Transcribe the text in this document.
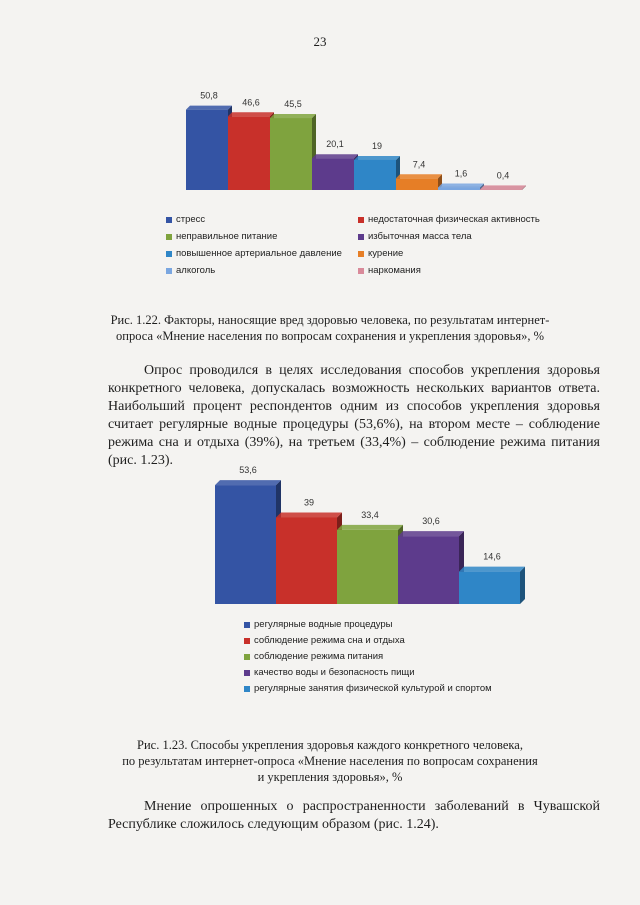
23
50,8
46,6	45,5
20,1	19
7,4
1,6	0,4
стресс	недостаточная физическая активность
неправильное питание	избыточная масса тела
повышенное артериальное давление	курение
алкоголь	наркомания
Рис. 1.22. Факторы, наносящие вред здоровью человека, по результатам интернет-
опроса «Мнение населения по вопросам сохранения и укрепления здоровья», %
Опрос проводился в целях исследования способов укрепления здоровья конкретного человека, допускалась возможность нескольких вариантов ответа. Наибольший процент респондентов одним из способов укрепления здоровья считает регулярные водные процедуры (53,6%), на втором месте – соблюдение режима сна и отдыха (39%), на третьем (33,4%) – соблюдение режима питания (рис. 1.23).
53,6
39
33,4
30,6
14,6
регулярные водные процедуры
соблюдение режима сна и отдыха
соблюдение режима питания
качество воды и безопасность пищи
регулярные занятия физической культурой и спортом
Рис. 1.23. Способы укрепления здоровья каждого конкретного человека,
по результатам интернет-опроса «Мнение населения по вопросам сохранения
и укрепления здоровья», %
Мнение опрошенных о распространенности заболеваний в Чувашской Республике сложилось следующим образом (рис. 1.24).
